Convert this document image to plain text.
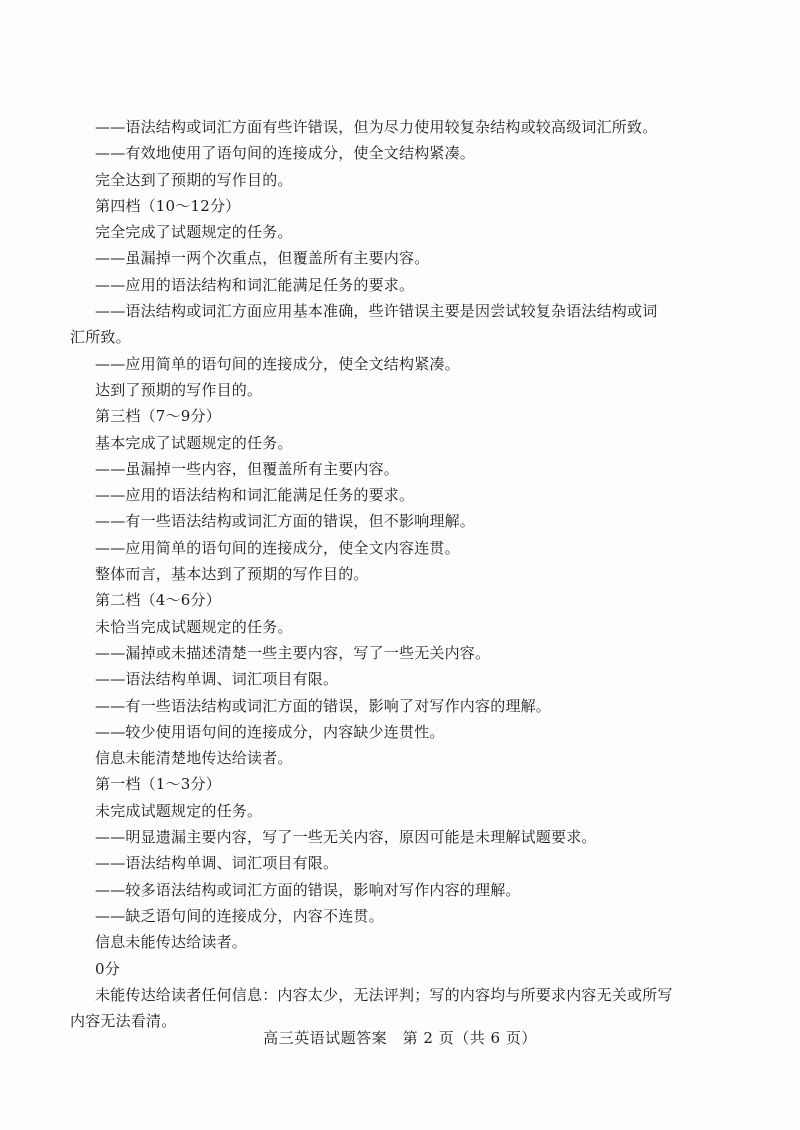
——语法结构或词汇方面有些许错误，但为尽力使用较复杂结构或较高级词汇所致。
——有效地使用了语句间的连接成分，使全文结构紧凑。
完全达到了预期的写作目的。
第四档（10～12分）
完全完成了试题规定的任务。
——虽漏掉一两个次重点，但覆盖所有主要内容。
——应用的语法结构和词汇能满足任务的要求。
——语法结构或词汇方面应用基本准确，些许错误主要是因尝试较复杂语法结构或词
汇所致。
——应用简单的语句间的连接成分，使全文结构紧凑。
达到了预期的写作目的。
第三档（7～9分）
基本完成了试题规定的任务。
——虽漏掉一些内容，但覆盖所有主要内容。
——应用的语法结构和词汇能满足任务的要求。
——有一些语法结构或词汇方面的错误，但不影响理解。
——应用简单的语句间的连接成分，使全文内容连贯。
整体而言，基本达到了预期的写作目的。
第二档（4～6分）
未恰当完成试题规定的任务。
——漏掉或未描述清楚一些主要内容，写了一些无关内容。
——语法结构单调、词汇项目有限。
——有一些语法结构或词汇方面的错误，影响了对写作内容的理解。
——较少使用语句间的连接成分，内容缺少连贯性。
信息未能清楚地传达给读者。
第一档（1～3分）
未完成试题规定的任务。
——明显遗漏主要内容，写了一些无关内容，原因可能是未理解试题要求。
——语法结构单调、词汇项目有限。
——较多语法结构或词汇方面的错误，影响对写作内容的理解。
——缺乏语句间的连接成分，内容不连贯。
信息未能传达给读者。
0分
未能传达给读者任何信息：内容太少，无法评判；写的内容均与所要求内容无关或所写
内容无法看清。
高三英语试题答案　第 2 页（共 6 页）
